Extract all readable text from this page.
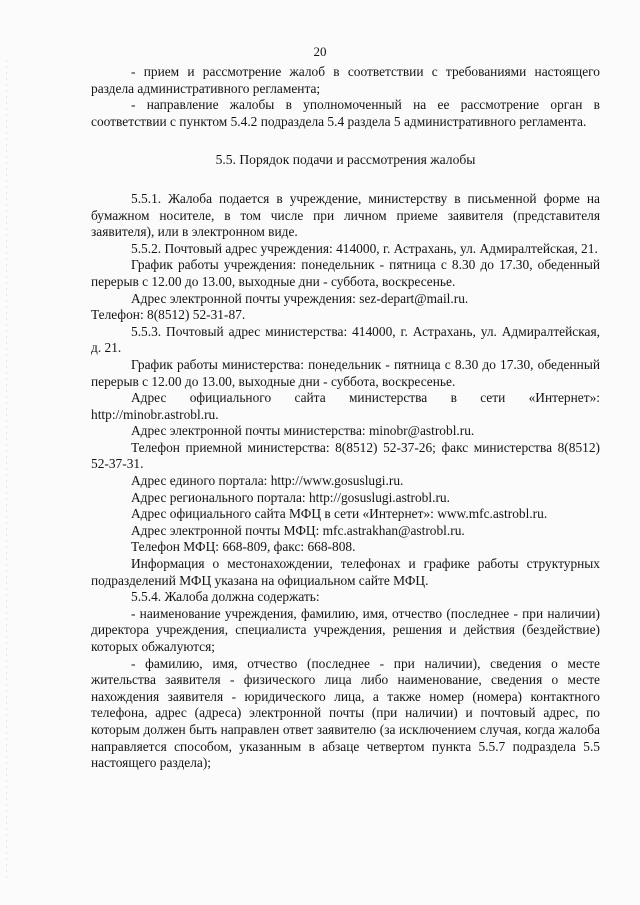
20

- прием и рассмотрение жалоб в соответствии с требованиями настоящего раздела административного регламента;

- направление жалобы в уполномоченный на ее рассмотрение орган в соответствии с пунктом 5.4.2 подраздела 5.4 раздела 5 административного регламента.

5.5. Порядок подачи и рассмотрения жалобы

5.5.1. Жалоба подается в учреждение, министерству в письменной форме на бумажном носителе, в том числе при личном приеме заявителя (представителя заявителя), или в электронном виде.

5.5.2. Почтовый адрес учреждения: 414000, г. Астрахань, ул. Адмиралтейская, 21.

График работы учреждения: понедельник - пятница с 8.30 до 17.30, обеденный перерыв с 12.00 до 13.00, выходные дни - суббота, воскресенье.

Адрес электронной почты учреждения: sez-depart@mail.ru.

Телефон: 8(8512) 52-31-87.

5.5.3. Почтовый адрес министерства: 414000, г. Астрахань, ул. Адмиралтейская, д. 21.

График работы министерства: понедельник - пятница с 8.30 до 17.30, обеденный перерыв с 12.00 до 13.00, выходные дни - суббота, воскресенье.

Адрес официального сайта министерства в сети «Интернет»: http://minobr.astrobl.ru.

Адрес электронной почты министерства: minobr@astrobl.ru.

Телефон приемной министерства: 8(8512) 52-37-26; факс министерства 8(8512) 52-37-31.

Адрес единого портала: http://www.gosuslugi.ru.

Адрес регионального портала: http://gosuslugi.astrobl.ru.

Адрес официального сайта МФЦ в сети «Интернет»: www.mfc.astrobl.ru.

Адрес электронной почты МФЦ: mfc.astrakhan@astrobl.ru.

Телефон МФЦ: 668-809, факс: 668-808.

Информация о местонахождении, телефонах и графике работы структурных подразделений МФЦ указана на официальном сайте МФЦ.

5.5.4. Жалоба должна содержать:

- наименование учреждения, фамилию, имя, отчество (последнее - при наличии) директора учреждения, специалиста учреждения, решения и действия (бездействие) которых обжалуются;

- фамилию, имя, отчество (последнее - при наличии), сведения о месте жительства заявителя - физического лица либо наименование, сведения о месте нахождения заявителя - юридического лица, а также номер (номера) контактного телефона, адрес (адреса) электронной почты (при наличии) и почтовый адрес, по которым должен быть направлен ответ заявителю (за исключением случая, когда жалоба направляется способом, указанным в абзаце четвертом пункта 5.5.7 подраздела 5.5 настоящего раздела);
